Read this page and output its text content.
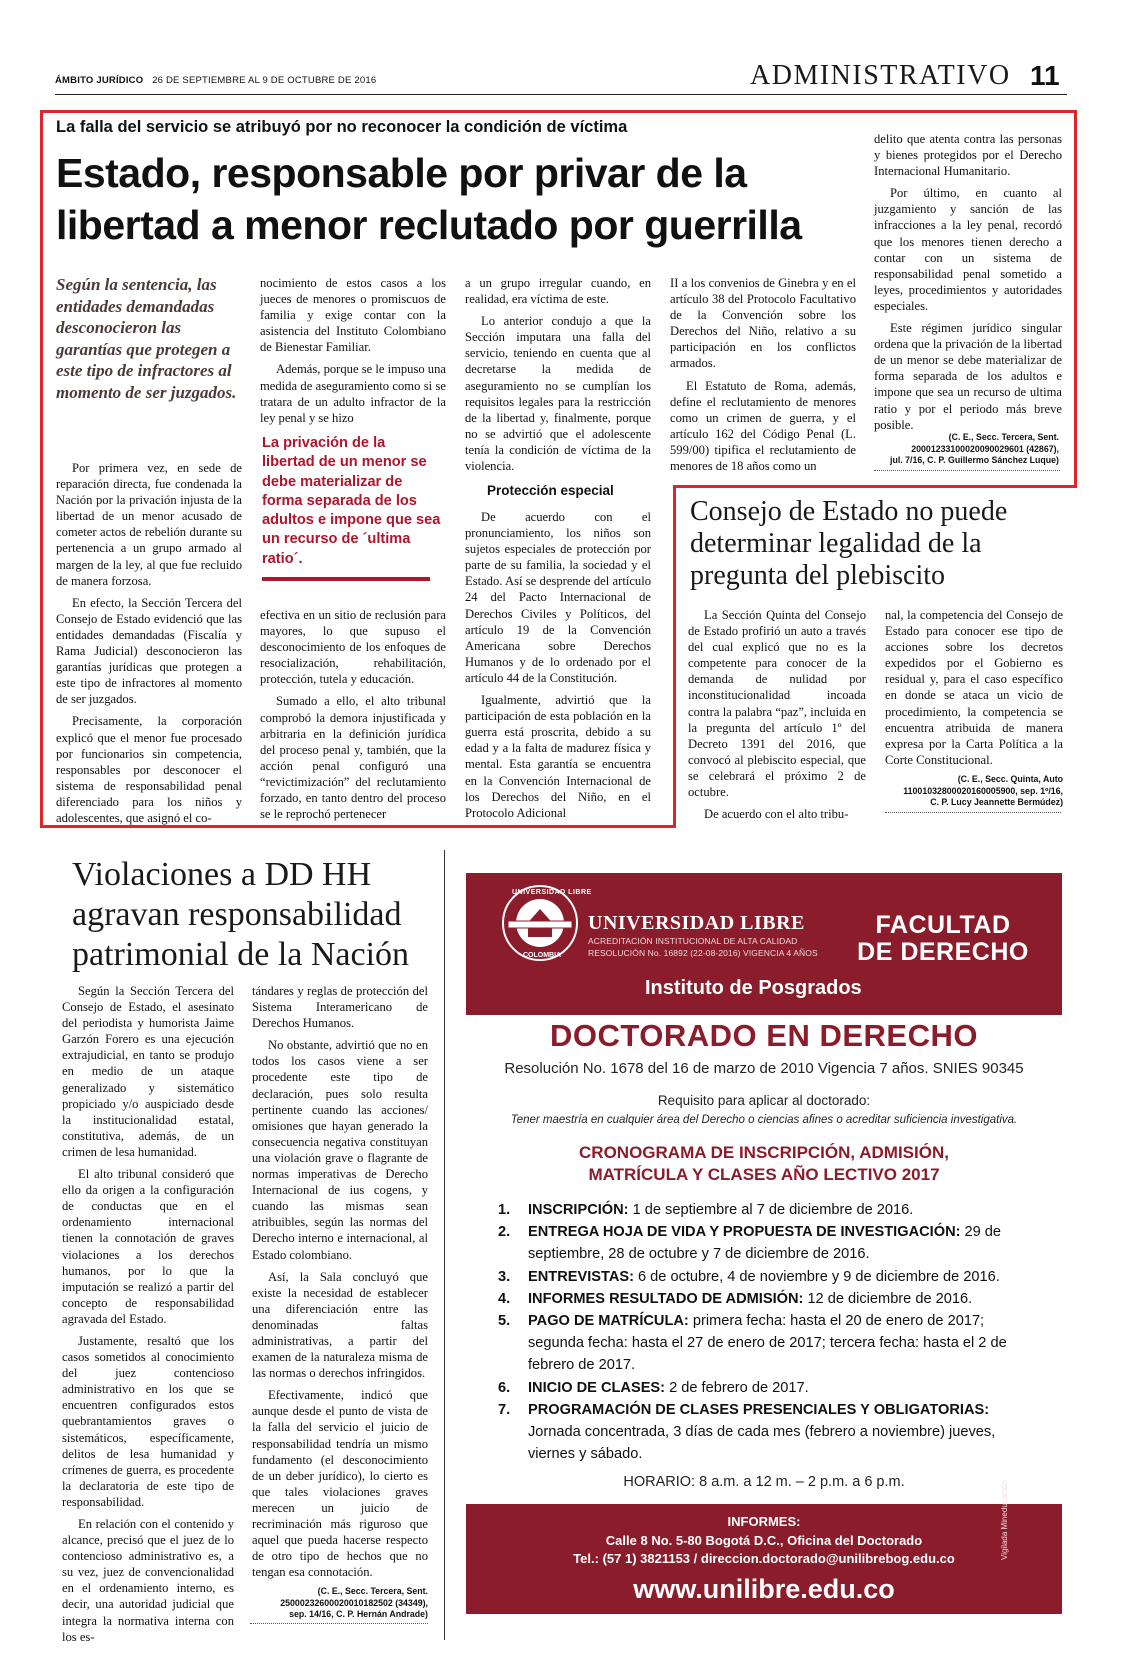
ÁMBITO JURÍDICO 26 DE SEPTIEMBRE AL 9 DE OCTUBRE DE 2016	ADMINISTRATIVO 11
La falla del servicio se atribuyó por no reconocer la condición de víctima
Estado, responsable por privar de la libertad a menor reclutado por guerrilla
Según la sentencia, las entidades demandadas desconocieron las garantías que protegen a este tipo de infractores al momento de ser juzgados.

Por primera vez, en sede de reparación directa, fue condenada la Nación por la privación injusta de la libertad de un menor acusado de cometer actos de rebelión durante su pertenencia a un grupo armado al margen de la ley, al que fue recluido de manera forzosa.

En efecto, la Sección Tercera del Consejo de Estado evidenció que las entidades demandadas (Fiscalía y Rama Judicial) desconocieron las garantías jurídicas que protegen a este tipo de infractores al momento de ser juzgados.

Precisamente, la corporación explicó que el menor fue procesado por funcionarios sin competencia, responsables por desconocer el sistema de responsabilidad penal diferenciado para los niños y adolescentes, que asignó el co-

nocimiento de estos casos a los jueces de menores o promiscuos de familia y exige contar con la asistencia del Instituto Colombiano de Bienestar Familiar.

Además, porque se le impuso una medida de aseguramiento como si se tratara de un adulto infractor de la ley penal y se hizo

La privación de la libertad de un menor se debe materializar de forma separada de los adultos e impone que sea un recurso de ´ultima ratio´.

efectiva en un sitio de reclusión para mayores, lo que supuso el desconocimiento de los enfoques de resocialización, rehabilitación, protección, tutela y educación.

Sumado a ello, el alto tribunal comprobó la demora injustificada y arbitraria en la definición jurídica del proceso penal y, también, que la acción penal configuró una “revictimización” del reclutamiento forzado, en tanto dentro del proceso se le reprochó pertenecer

a un grupo irregular cuando, en realidad, era víctima de este.

Lo anterior condujo a que la Sección imputara una falla del servicio, teniendo en cuenta que al decretarse la medida de aseguramiento no se cumplían los requisitos legales para la restricción de la libertad y, finalmente, porque no se advirtió que el adolescente tenía la condición de víctima de la violencia.

Protección especial

De acuerdo con el pronunciamiento, los niños son sujetos especiales de protección por parte de su familia, la sociedad y el Estado. Así se desprende del artículo 24 del Pacto Internacional de Derechos Civiles y Políticos, del artículo 19 de la Convención Americana sobre Derechos Humanos y de lo ordenado por el artículo 44 de la Constitución.

Igualmente, advirtió que la participación de esta población en la guerra está proscrita, debido a su edad y a la falta de madurez física y mental. Esta garantía se encuentra en la Convención Internacional de los Derechos del Niño, en el Protocolo Adicional

II a los convenios de Ginebra y en el artículo 38 del Protocolo Facultativo de la Convención sobre los Derechos del Niño, relativo a su participación en los conflictos armados.

El Estatuto de Roma, además, define el reclutamiento de menores como un crimen de guerra, y el artículo 162 del Código Penal (L. 599/00) tipifica el reclutamiento de menores de 18 años como un

delito que atenta contra las personas y bienes protegidos por el Derecho Internacional Humanitario.

Por último, en cuanto al juzgamiento y sanción de las infracciones a la ley penal, recordó que los menores tienen derecho a contar con un sistema de responsabilidad penal sometido a leyes, procedimientos y autoridades especiales.

Este régimen jurídico singular ordena que la privación de la libertad de un menor se debe materializar de forma separada de los adultos e impone que sea un recurso de ultima ratio y por el periodo más breve posible.

(C. E., Secc. Tercera, Sent.
20001233100020090029601 (42867),
jul. 7/16, C. P. Guillermo Sánchez Luque)
Consejo de Estado no puede determinar legalidad de la pregunta del plebiscito

La Sección Quinta del Consejo de Estado profirió un auto a través del cual explicó que no es la competente para conocer de la demanda de nulidad por inconstitucionalidad incoada contra la palabra “paz”, incluida en la pregunta del artículo 1º del Decreto 1391 del 2016, que convocó al plebiscito especial, que se celebrará el próximo 2 de octubre.

De acuerdo con el alto tribu-

nal, la competencia del Consejo de Estado para conocer ese tipo de acciones sobre los decretos expedidos por el Gobierno es residual y, para el caso específico en donde se ataca un vicio de procedimiento, la competencia se encuentra atribuida de manera expresa por la Carta Política a la Corte Constitucional.

(C. E., Secc. Quinta, Auto
11001032800020160005900, sep. 1º/16,
C. P. Lucy Jeannette Bermúdez)
Violaciones a DD HH agravan responsabilidad patrimonial de la Nación

Según la Sección Tercera del Consejo de Estado, el asesinato del periodista y humorista Jaime Garzón Forero es una ejecución extrajudicial, en tanto se produjo en medio de un ataque generalizado y sistemático propiciado y/o auspiciado desde la institucionalidad estatal, constitutiva, además, de un crimen de lesa humanidad.

El alto tribunal consideró que ello da origen a la configuración de conductas que en el ordenamiento internacional tienen la connotación de graves violaciones a los derechos humanos, por lo que la imputación se realizó a partir del concepto de responsabilidad agravada del Estado.

Justamente, resaltó que los casos sometidos al conocimiento del juez contencioso administrativo en los que se encuentren configurados estos quebrantamientos graves o sistemáticos, específicamente, delitos de lesa humanidad y crímenes de guerra, es procedente la declaratoria de este tipo de responsabilidad.

En relación con el contenido y alcance, precisó que el juez de lo contencioso administrativo es, a su vez, juez de convencionalidad en el ordenamiento interno, es decir, una autoridad judicial que integra la normativa interna con los es-

tándares y reglas de protección del Sistema Interamericano de Derechos Humanos.

No obstante, advirtió que no en todos los casos viene a ser procedente este tipo de declaración, pues solo resulta pertinente cuando las acciones/ omisiones que hayan generado la consecuencia negativa constituyan una violación grave o flagrante de normas imperativas de Derecho Internacional de ius cogens, y cuando las mismas sean atribuibles, según las normas del Derecho interno e internacional, al Estado colombiano.

Así, la Sala concluyó que existe la necesidad de establecer una diferenciación entre las denominadas faltas administrativas, a partir del examen de la naturaleza misma de las normas o derechos infringidos.

Efectivamente, indicó que aunque desde el punto de vista de la falla del servicio el juicio de responsabilidad tendría un mismo fundamento (el desconocimiento de un deber jurídico), lo cierto es que tales violaciones graves merecen un juicio de recriminación más riguroso que aquel que pueda hacerse respecto de otro tipo de hechos que no tengan esa connotación.

(C. E., Secc. Tercera, Sent.
25000232600020010182502 (34349),
sep. 14/16, C. P. Hernán Andrade)
UNIVERSIDAD LIBRE
COLOMBIA
UNIVERSIDAD LIBRE
ACREDITACIÓN INSTITUCIONAL DE ALTA CALIDAD
RESOLUCIÓN No. 16892 (22-08-2016) VIGENCIA 4 AÑOS
FACULTAD
DE DERECHO
Instituto de Posgrados
DOCTORADO EN DERECHO
Resolución No. 1678 del 16 de marzo de 2010 Vigencia 7 años. SNIES 90345
Requisito para aplicar al doctorado:
Tener maestría en cualquier área del Derecho o ciencias afines o acreditar suficiencia investigativa.
CRONOGRAMA DE INSCRIPCIÓN, ADMISIÓN,
MATRÍCULA Y CLASES AÑO LECTIVO 2017
1. INSCRIPCIÓN: 1 de septiembre al 7 de diciembre de 2016.
2. ENTREGA HOJA DE VIDA Y PROPUESTA DE INVESTIGACIÓN: 29 de septiembre, 28 de octubre y 7 de diciembre de 2016.
3. ENTREVISTAS: 6 de octubre, 4 de noviembre y 9 de diciembre de 2016.
4. INFORMES RESULTADO DE ADMISIÓN: 12 de diciembre de 2016.
5. PAGO DE MATRÍCULA: primera fecha: hasta el 20 de enero de 2017; segunda fecha: hasta el 27 de enero de 2017; tercera fecha: hasta el 2 de febrero de 2017.
6. INICIO DE CLASES: 2 de febrero de 2017.
7. PROGRAMACIÓN DE CLASES PRESENCIALES Y OBLIGATORIAS: Jornada concentrada, 3 días de cada mes (febrero a noviembre) jueves, viernes y sábado.
HORARIO: 8 a.m. a 12 m. – 2 p.m. a 6 p.m.
INFORMES:
Calle 8 No. 5-80 Bogotá D.C., Oficina del Doctorado
Tel.: (57 1) 3821153 / direccion.doctorado@unilibrebog.edu.co
www.unilibre.edu.co
Vigilada Mineducación
